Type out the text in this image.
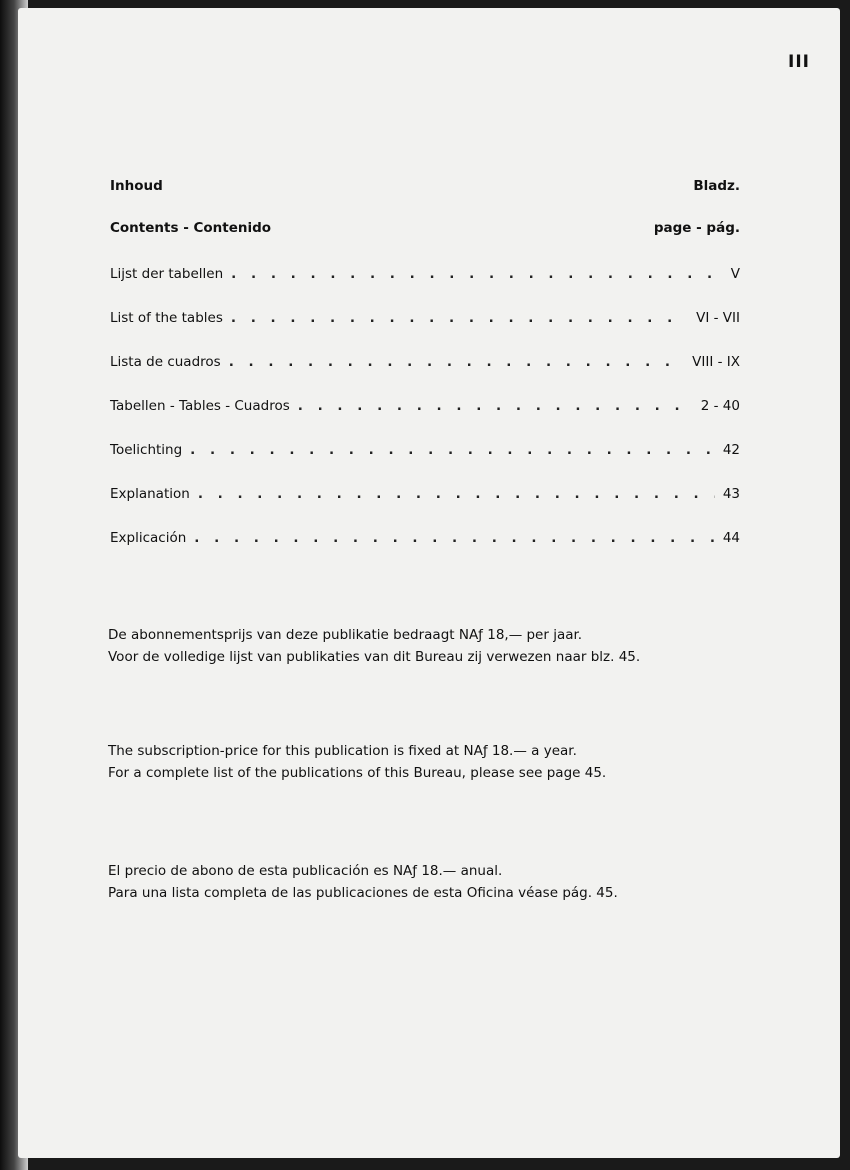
III
Inhoud	Bladz.
Contents - Contenido	page - pág.
Lijst der tabellen . . .	V
List of the tables . . .	VI - VII
Lista de cuadros . . .	VIII - IX
Tabellen - Tables - Cuadros . . .	2 - 40
Toelichting . . .	42
Explanation . . .	43
Explicación . . .	44
De abonnementsprijs van deze publikatie bedraagt NAƒ 18,— per jaar.
Voor de volledige lijst van publikaties van dit Bureau zij verwezen naar blz. 45.
The subscription-price for this publication is fixed at NAƒ 18.— a year.
For a complete list of the publications of this Bureau, please see page 45.
El precio de abono de esta publicación es NAƒ 18.— anual.
Para una lista completa de las publicaciones de esta Oficina véase pág. 45.
